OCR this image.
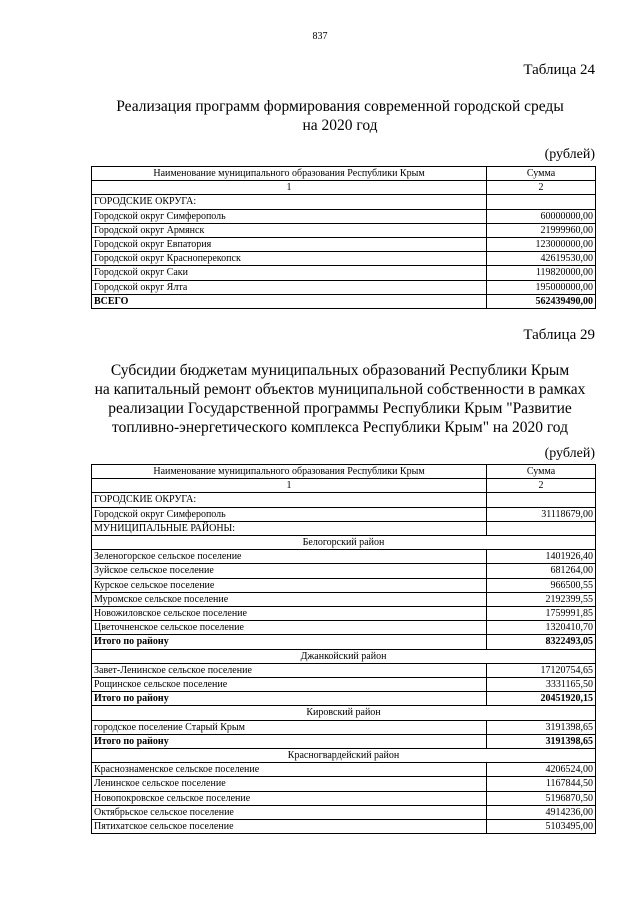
837
Таблица 24
Реализация программ формирования современной городской среды
на 2020 год
(рублей)
Наименование муниципального образования Республики Крым	Сумма
1	2
ГОРОДСКИЕ ОКРУГА:	
Городской округ Симферополь	60000000,00
Городской округ Армянск	21999960,00
Городской округ Евпатория	123000000,00
Городской округ Красноперекопск	42619530,00
Городской округ Саки	119820000,00
Городской округ Ялта	195000000,00
ВСЕГО	562439490,00
Таблица 29
Субсидии бюджетам муниципальных образований Республики Крым
на капитальный ремонт объектов муниципальной собственности в рамках
реализации Государственной программы Республики Крым "Развитие
топливно-энергетического комплекса Республики Крым" на 2020 год
(рублей)
Наименование муниципального образования Республики Крым	Сумма
1	2
ГОРОДСКИЕ ОКРУГА:	
Городской округ Симферополь	31118679,00
МУНИЦИПАЛЬНЫЕ РАЙОНЫ:	
Белогорский район	
Зеленогорское сельское поселение	1401926,40
Зуйское сельское поселение	681264,00
Курское сельское поселение	966500,55
Муромское сельское поселение	2192399,55
Новожиловское сельское поселение	1759991,85
Цветочненское сельское поселение	1320410,70
Итого по району	8322493,05
Джанкойский район	
Завет-Ленинское сельское поселение	17120754,65
Рощинское сельское поселение	3331165,50
Итого по району	20451920,15
Кировский район	
городское поселение Старый Крым	3191398,65
Итого по району	3191398,65
Красногвардейский район	
Краснознаменское сельское поселение	4206524,00
Ленинское сельское поселение	1167844,50
Новопокровское сельское поселение	5196870,50
Октябрьское сельское поселение	4914236,00
Пятихатское сельское поселение	5103495,00
